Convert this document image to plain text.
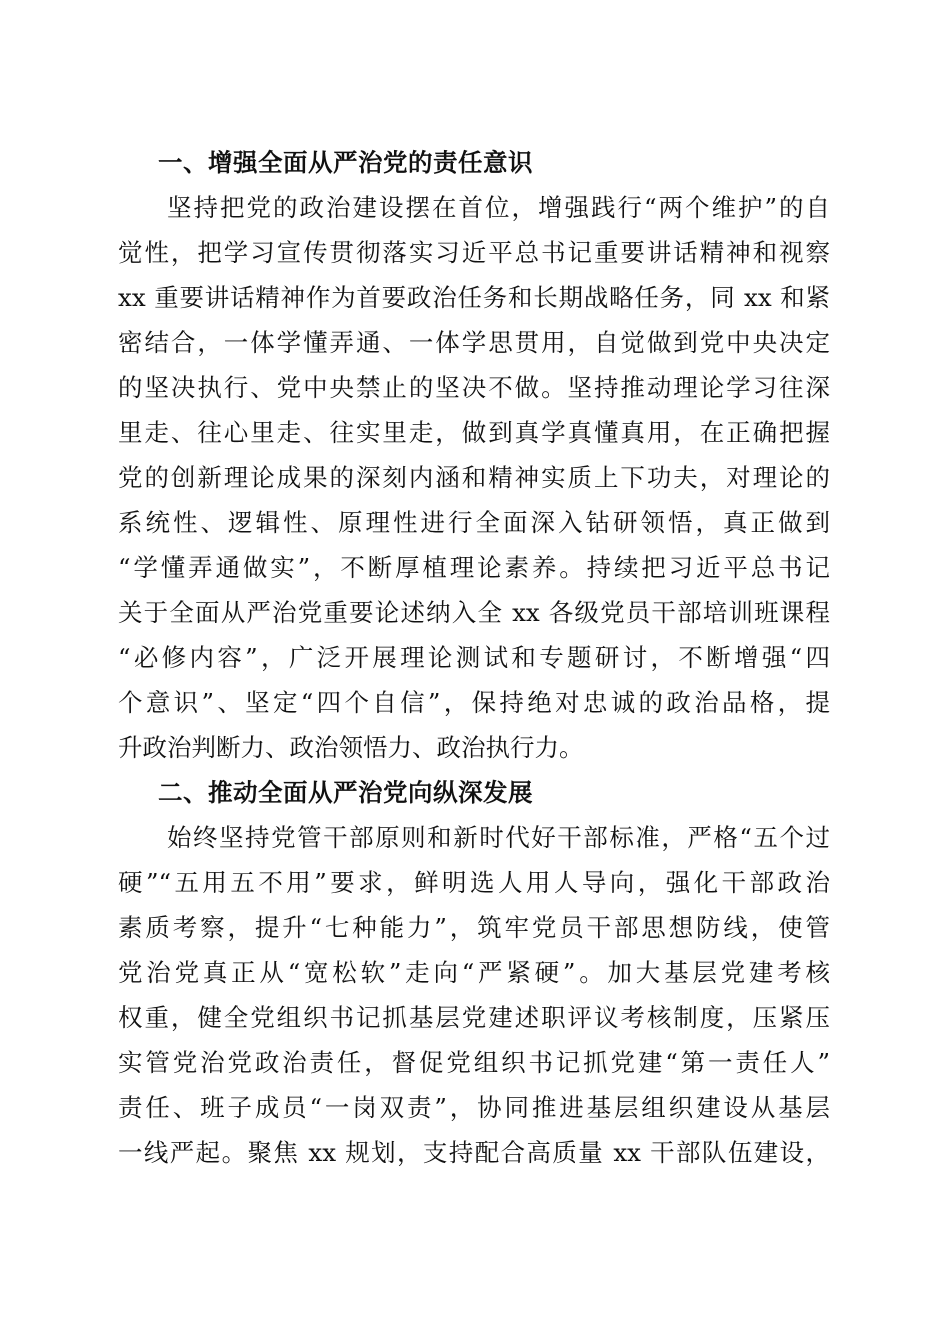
一、增强全面从严治党的责任意识
坚持把党的政治建设摆在首位，增强践行“两个维护”的自
觉性，把学习宣传贯彻落实习近平总书记重要讲话精神和视察
xx 重要讲话精神作为首要政治任务和长期战略任务，同 xx 和紧
密结合，一体学懂弄通、一体学思贯用，自觉做到党中央决定
的坚决执行、党中央禁止的坚决不做。坚持推动理论学习往深
里走、往心里走、往实里走，做到真学真懂真用，在正确把握
党的创新理论成果的深刻内涵和精神实质上下功夫，对理论的
系统性、逻辑性、原理性进行全面深入钻研领悟，真正做到
“学懂弄通做实”，不断厚植理论素养。持续把习近平总书记
关于全面从严治党重要论述纳入全 xx 各级党员干部培训班课程
“必修内容”，广泛开展理论测试和专题研讨，不断增强“四
个意识”、坚定“四个自信”，保持绝对忠诚的政治品格，提
升政治判断力、政治领悟力、政治执行力。
二、推动全面从严治党向纵深发展
始终坚持党管干部原则和新时代好干部标准，严格“五个过
硬”“五用五不用”要求，鲜明选人用人导向，强化干部政治
素质考察，提升“七种能力”，筑牢党员干部思想防线，使管
党治党真正从“宽松软”走向“严紧硬”。加大基层党建考核
权重，健全党组织书记抓基层党建述职评议考核制度，压紧压
实管党治党政治责任，督促党组织书记抓党建“第一责任人”
责任、班子成员“一岗双责”，协同推进基层组织建设从基层
一线严起。聚焦 xx 规划，支持配合高质量 xx 干部队伍建设，
